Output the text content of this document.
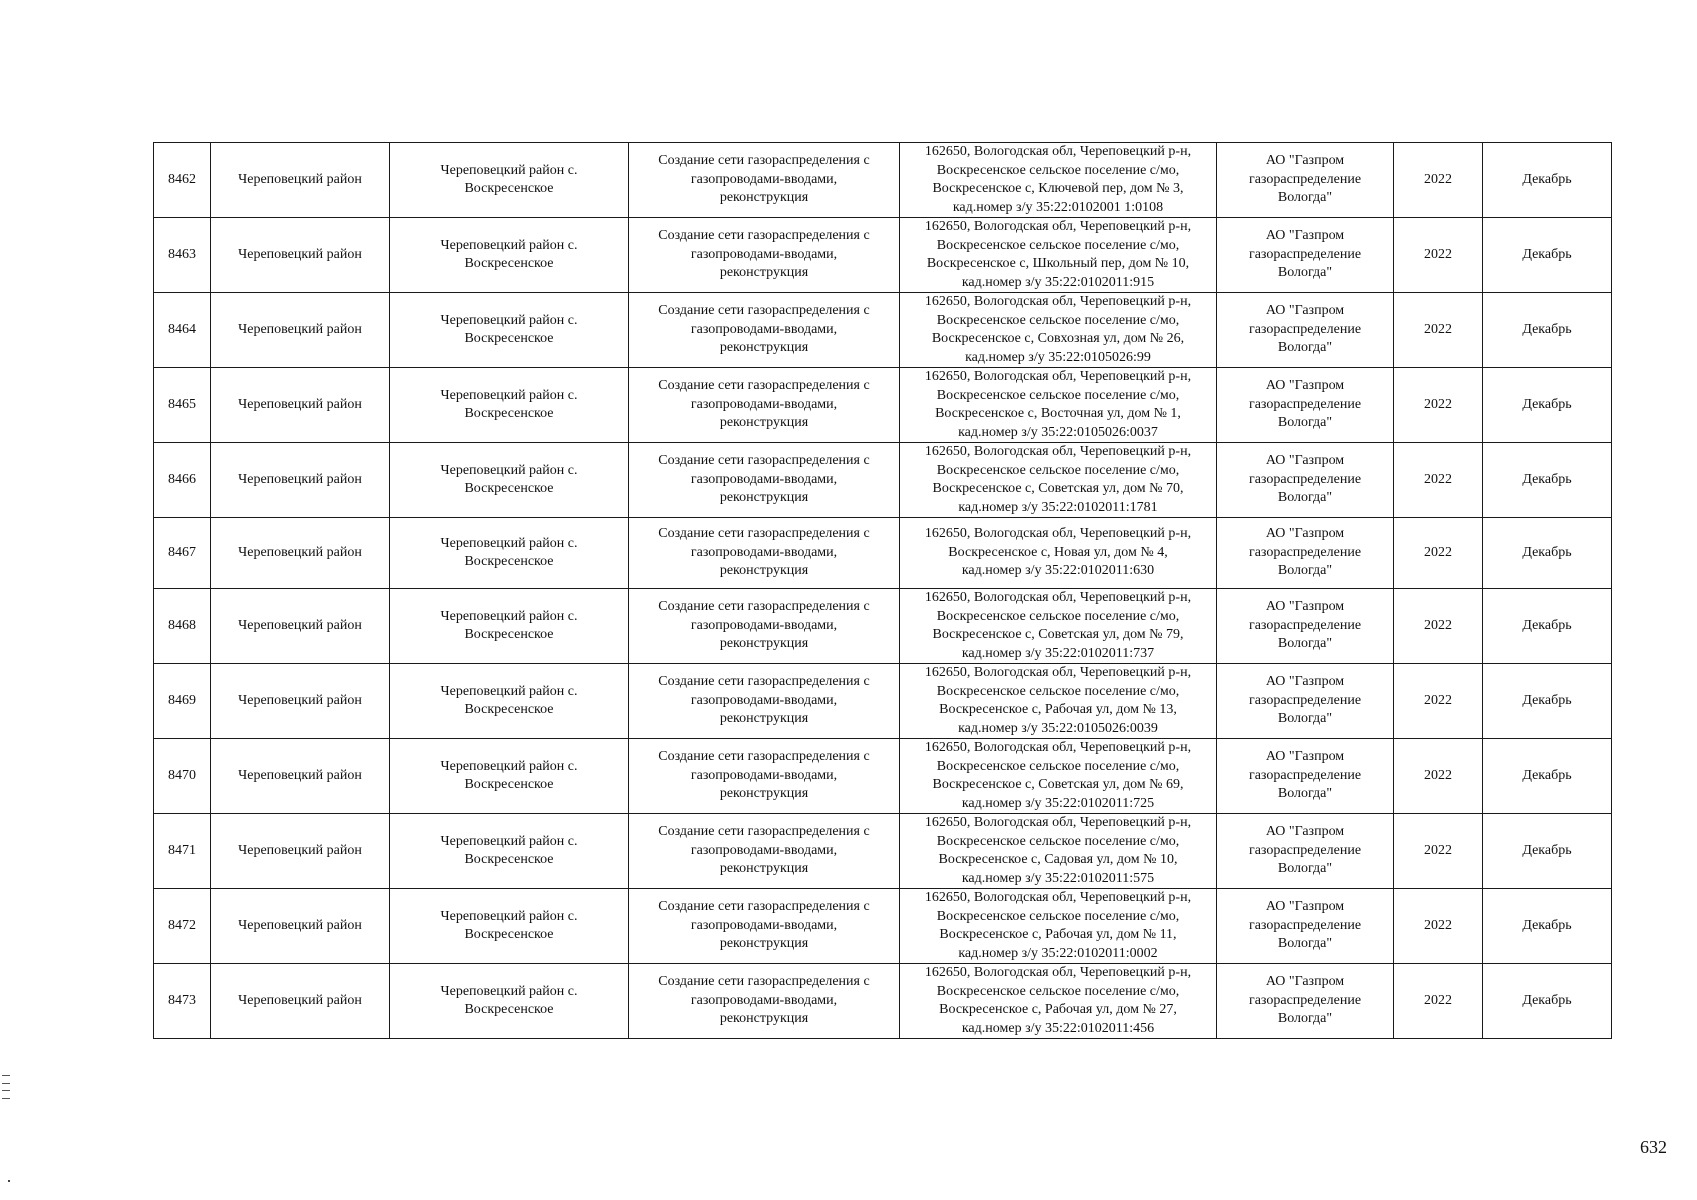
8462	Череповецкий район	Череповецкий район с.
Воскресенское	Создание сети газораспределения с
газопроводами-вводами,
реконструкция	162650, Вологодская обл, Череповецкий р-н,
Воскресенское сельское поселение с/мо,
Воскресенское с, Ключевой пер, дом № 3,
кад.номер з/у 35:22:0102001 1:0108	АО "Газпром
газораспределение
Вологда"	2022	Декабрь
8463	Череповецкий район	Череповецкий район с.
Воскресенское	Создание сети газораспределения с
газопроводами-вводами,
реконструкция	162650, Вологодская обл, Череповецкий р-н,
Воскресенское сельское поселение с/мо,
Воскресенское с, Школьный пер, дом № 10,
кад.номер з/у 35:22:0102011:915	АО "Газпром
газораспределение
Вологда"	2022	Декабрь
8464	Череповецкий район	Череповецкий район с.
Воскресенское	Создание сети газораспределения с
газопроводами-вводами,
реконструкция	162650, Вологодская обл, Череповецкий р-н,
Воскресенское сельское поселение с/мо,
Воскресенское с, Совхозная ул, дом № 26,
кад.номер з/у 35:22:0105026:99	АО "Газпром
газораспределение
Вологда"	2022	Декабрь
8465	Череповецкий район	Череповецкий район с.
Воскресенское	Создание сети газораспределения с
газопроводами-вводами,
реконструкция	162650, Вологодская обл, Череповецкий р-н,
Воскресенское сельское поселение с/мо,
Воскресенское с, Восточная ул, дом № 1,
кад.номер з/у 35:22:0105026:0037	АО "Газпром
газораспределение
Вологда"	2022	Декабрь
8466	Череповецкий район	Череповецкий район с.
Воскресенское	Создание сети газораспределения с
газопроводами-вводами,
реконструкция	162650, Вологодская обл, Череповецкий р-н,
Воскресенское сельское поселение с/мо,
Воскресенское с, Советская ул, дом № 70,
кад.номер з/у 35:22:0102011:1781	АО "Газпром
газораспределение
Вологда"	2022	Декабрь
8467	Череповецкий район	Череповецкий район с.
Воскресенское	Создание сети газораспределения с
газопроводами-вводами,
реконструкция	162650, Вологодская обл, Череповецкий р-н,
Воскресенское с, Новая ул, дом № 4,
кад.номер з/у 35:22:0102011:630	АО "Газпром
газораспределение
Вологда"	2022	Декабрь
8468	Череповецкий район	Череповецкий район с.
Воскресенское	Создание сети газораспределения с
газопроводами-вводами,
реконструкция	162650, Вологодская обл, Череповецкий р-н,
Воскресенское сельское поселение с/мо,
Воскресенское с, Советская ул, дом № 79,
кад.номер з/у 35:22:0102011:737	АО "Газпром
газораспределение
Вологда"	2022	Декабрь
8469	Череповецкий район	Череповецкий район с.
Воскресенское	Создание сети газораспределения с
газопроводами-вводами,
реконструкция	162650, Вологодская обл, Череповецкий р-н,
Воскресенское сельское поселение с/мо,
Воскресенское с, Рабочая ул, дом № 13,
кад.номер з/у 35:22:0105026:0039	АО "Газпром
газораспределение
Вологда"	2022	Декабрь
8470	Череповецкий район	Череповецкий район с.
Воскресенское	Создание сети газораспределения с
газопроводами-вводами,
реконструкция	162650, Вологодская обл, Череповецкий р-н,
Воскресенское сельское поселение с/мо,
Воскресенское с, Советская ул, дом № 69,
кад.номер з/у 35:22:0102011:725	АО "Газпром
газораспределение
Вологда"	2022	Декабрь
8471	Череповецкий район	Череповецкий район с.
Воскресенское	Создание сети газораспределения с
газопроводами-вводами,
реконструкция	162650, Вологодская обл, Череповецкий р-н,
Воскресенское сельское поселение с/мо,
Воскресенское с, Садовая ул, дом № 10,
кад.номер з/у 35:22:0102011:575	АО "Газпром
газораспределение
Вологда"	2022	Декабрь
8472	Череповецкий район	Череповецкий район с.
Воскресенское	Создание сети газораспределения с
газопроводами-вводами,
реконструкция	162650, Вологодская обл, Череповецкий р-н,
Воскресенское сельское поселение с/мо,
Воскресенское с, Рабочая ул, дом № 11,
кад.номер з/у 35:22:0102011:0002	АО "Газпром
газораспределение
Вологда"	2022	Декабрь
8473	Череповецкий район	Череповецкий район с.
Воскресенское	Создание сети газораспределения с
газопроводами-вводами,
реконструкция	162650, Вологодская обл, Череповецкий р-н,
Воскресенское сельское поселение с/мо,
Воскресенское с, Рабочая ул, дом № 27,
кад.номер з/у 35:22:0102011:456	АО "Газпром
газораспределение
Вологда"	2022	Декабрь
632
